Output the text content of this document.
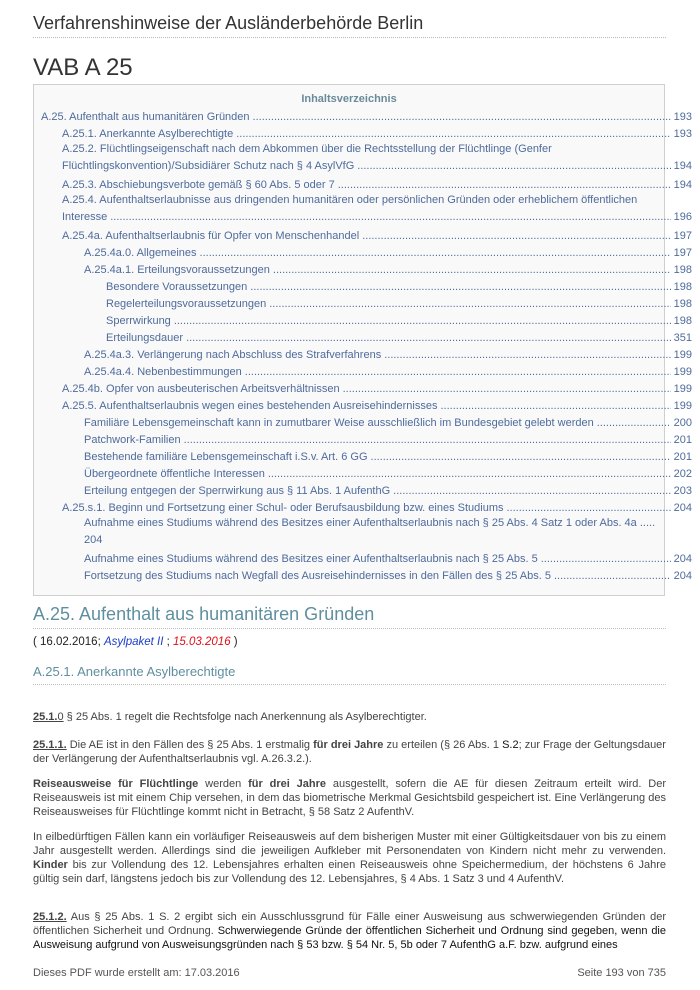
Verfahrenshinweise der Ausländerbehörde Berlin
VAB A 25
Inhaltsverzeichnis
A.25. Aufenthalt aus humanitären Gründen .....	193
A.25.1. Anerkannte Asylberechtigte .....	193
A.25.2. Flüchtlingseigenschaft nach dem Abkommen über die Rechtsstellung der Flüchtlinge (Genfer
Flüchtlingskonvention)/Subsidiärer Schutz nach § 4 AsylVfG .....	194
A.25.3. Abschiebungsverbote gemäß § 60 Abs. 5 oder 7 .....	194
A.25.4. Aufenthaltserlaubnisse aus dringenden humanitären oder persönlichen Gründen oder erheblichem öffentlichen
Interesse .....	196
A.25.4a. Aufenthaltserlaubnis für Opfer von Menschenhandel .....	197
A.25.4a.0. Allgemeines .....	197
A.25.4a.1. Erteilungsvoraussetzungen .....	198
Besondere Voraussetzungen .....	198
Regelerteilungsvoraussetzungen .....	198
Sperrwirkung .....	198
Erteilungsdauer .....	351
A.25.4a.3. Verlängerung nach Abschluss des Strafverfahrens .....	199
A.25.4a.4. Nebenbestimmungen .....	199
A.25.4b. Opfer von ausbeuterischen Arbeitsverhältnissen .....	199
A.25.5. Aufenthaltserlaubnis wegen eines bestehenden Ausreisehindernisses .....	199
Familiäre Lebensgemeinschaft kann in zumutbarer Weise ausschließlich im Bundesgebiet gelebt werden .....	200
Patchwork-Familien .....	201
Bestehende familiäre Lebensgemeinschaft i.S.v. Art. 6 GG .....	201
Übergeordnete öffentliche Interessen .....	202
Erteilung entgegen der Sperrwirkung aus § 11 Abs. 1 AufenthG .....	203
A.25.s.1. Beginn und Fortsetzung einer Schul- oder Berufsausbildung bzw. eines Studiums .....	204
Aufnahme eines Studiums während des Besitzes einer Aufenthaltserlaubnis nach § 25 Abs. 4 Satz 1 oder Abs. 4a .....
204
Aufnahme eines Studiums während des Besitzes einer Aufenthaltserlaubnis nach § 25 Abs. 5 .....	204
Fortsetzung des Studiums nach Wegfall des Ausreisehindernisses in den Fällen des § 25 Abs. 5 .....	204
A.25. Aufenthalt aus humanitären Gründen
( 16.02.2016; Asylpaket II ; 15.03.2016 )
A.25.1. Anerkannte Asylberechtigte
25.1.0 § 25 Abs. 1 regelt die Rechtsfolge nach Anerkennung als Asylberechtigter.
25.1.1. Die AE ist in den Fällen des § 25 Abs. 1 erstmalig für drei Jahre zu erteilen (§ 26 Abs. 1 S.2; zur Frage der Geltungsdauer der Verlängerung der Aufenthaltserlaubnis vgl. A.26.3.2.).
Reiseausweise für Flüchtlinge werden für drei Jahre ausgestellt, sofern die AE für diesen Zeitraum erteilt wird. Der Reiseausweis ist mit einem Chip versehen, in dem das biometrische Merkmal Gesichtsbild gespeichert ist. Eine Verlängerung des Reiseausweises für Flüchtlinge kommt nicht in Betracht, § 58 Satz 2 AufenthV.
In eilbedürftigen Fällen kann ein vorläufiger Reiseausweis auf dem bisherigen Muster mit einer Gültigkeitsdauer von bis zu einem Jahr ausgestellt werden. Allerdings sind die jeweiligen Aufkleber mit Personendaten von Kindern nicht mehr zu verwenden. Kinder bis zur Vollendung des 12. Lebensjahres erhalten einen Reiseausweis ohne Speichermedium, der höchstens 6 Jahre gültig sein darf, längstens jedoch bis zur Vollendung des 12. Lebensjahres, § 4 Abs. 1 Satz 3 und 4 AufenthV.
25.1.2. Aus § 25 Abs. 1 S. 2 ergibt sich ein Ausschlussgrund für Fälle einer Ausweisung aus schwerwiegenden Gründen der öffentlichen Sicherheit und Ordnung. Schwerwiegende Gründe der öffentlichen Sicherheit und Ordnung sind gegeben, wenn die Ausweisung aufgrund von Ausweisungsgründen nach § 53 bzw. § 54 Nr. 5, 5b oder 7 AufenthG a.F. bzw. aufgrund eines
Dieses PDF wurde erstellt am: 17.03.2016	Seite 193 von 735
